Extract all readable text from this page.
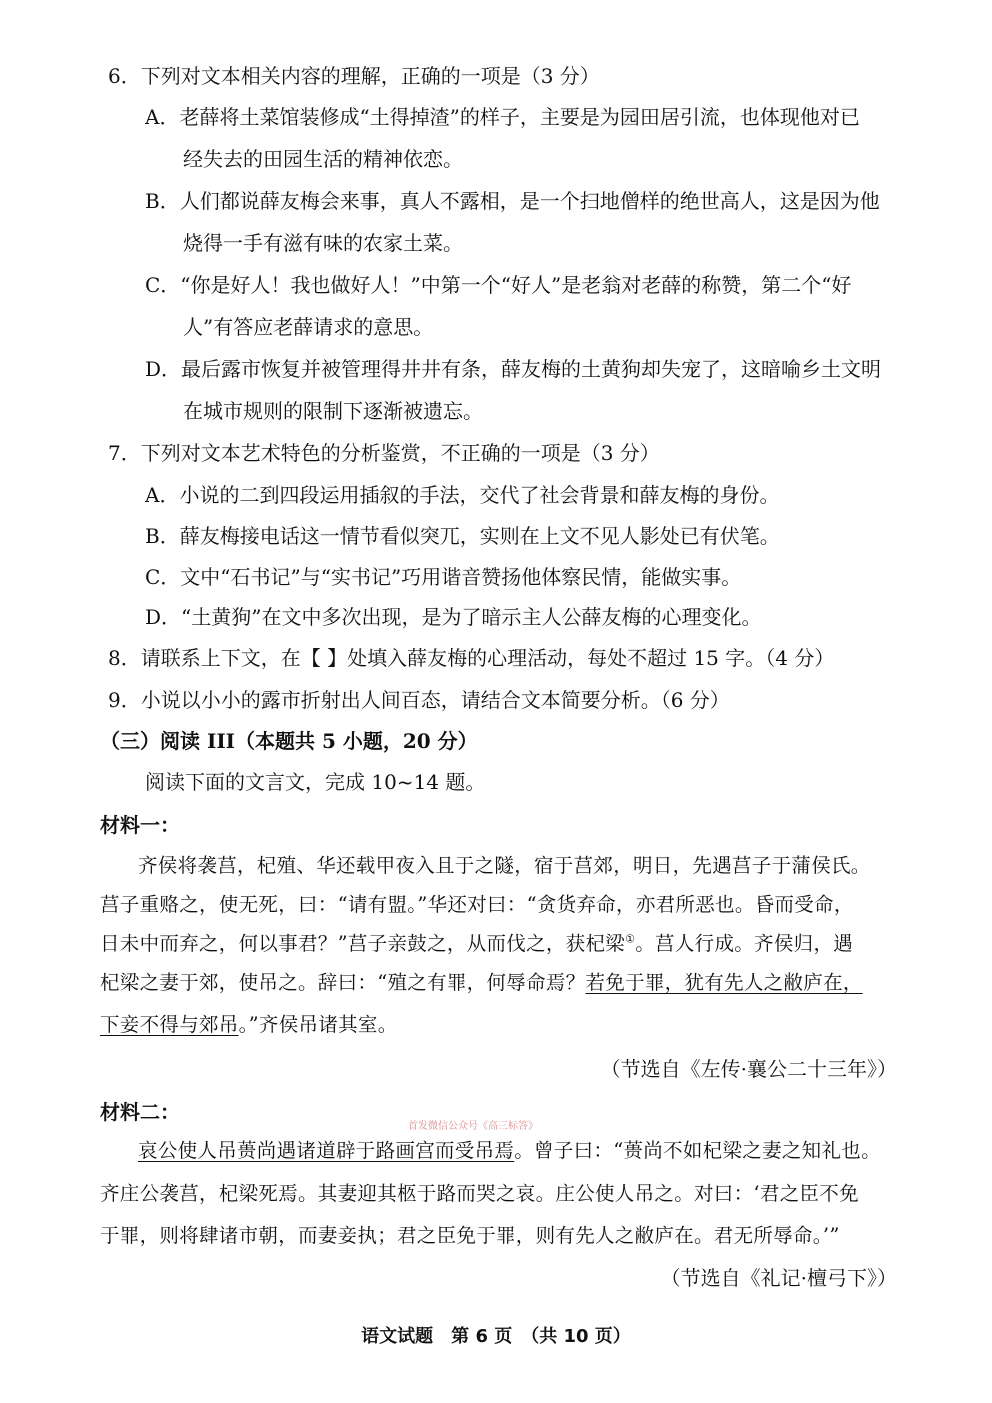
6．下列对文本相关内容的理解，正确的一项是（3 分）
A．老薛将土菜馆装修成“土得掉渣”的样子，主要是为园田居引流，也体现他对已
经失去的田园生活的精神依恋。
B．人们都说薛友梅会来事，真人不露相，是一个扫地僧样的绝世高人，这是因为他
烧得一手有滋有味的农家土菜。
C．“你是好人！我也做好人！”中第一个“好人”是老翁对老薛的称赞，第二个“好
人”有答应老薛请求的意思。
D．最后露市恢复并被管理得井井有条，薛友梅的土黄狗却失宠了，这暗喻乡土文明
在城市规则的限制下逐渐被遗忘。
7．下列对文本艺术特色的分析鉴赏，不正确的一项是（3 分）
A．小说的二到四段运用插叙的手法，交代了社会背景和薛友梅的身份。
B．薛友梅接电话这一情节看似突兀，实则在上文不见人影处已有伏笔。
C．文中“石书记”与“实书记”巧用谐音赞扬他体察民情，能做实事。
D．“土黄狗”在文中多次出现，是为了暗示主人公薛友梅的心理变化。
8．请联系上下文，在【 】处填入薛友梅的心理活动，每处不超过 15 字。（4 分）
9．小说以小小的露市折射出人间百态，请结合文本简要分析。（6 分）
（三）阅读 III（本题共 5 小题，20 分）
阅读下面的文言文，完成 10~14 题。
材料一：
齐侯将袭莒，杞殖、华还载甲夜入且于之隧，宿于莒郊，明日，先遇莒子于蒲侯氏。
莒子重赂之，使无死，曰：“请有盟。”华还对曰：“贪货弃命，亦君所恶也。昏而受命，
日未中而弃之，何以事君？”莒子亲鼓之，从而伐之，获杞梁①。莒人行成。齐侯归，遇
杞梁之妻于郊，使吊之。辞曰：“殖之有罪，何辱命焉？若免于罪，犹有先人之敝庐在，
下妾不得与郊吊。”齐侯吊诸其室。
（节选自《左传·襄公二十三年》）
材料二：
首发微信公众号《高三标答》
哀公使人吊蒉尚遇诸道辟于路画宫而受吊焉。曾子曰：“蒉尚不如杞梁之妻之知礼也。
齐庄公袭莒，杞梁死焉。其妻迎其柩于路而哭之哀。庄公使人吊之。对曰：‘君之臣不免
于罪，则将肆诸市朝，而妻妾执；君之臣免于罪，则有先人之敝庐在。君无所辱命。’”
（节选自《礼记·檀弓下》）
语文试题　第 6 页　（共 10 页）
